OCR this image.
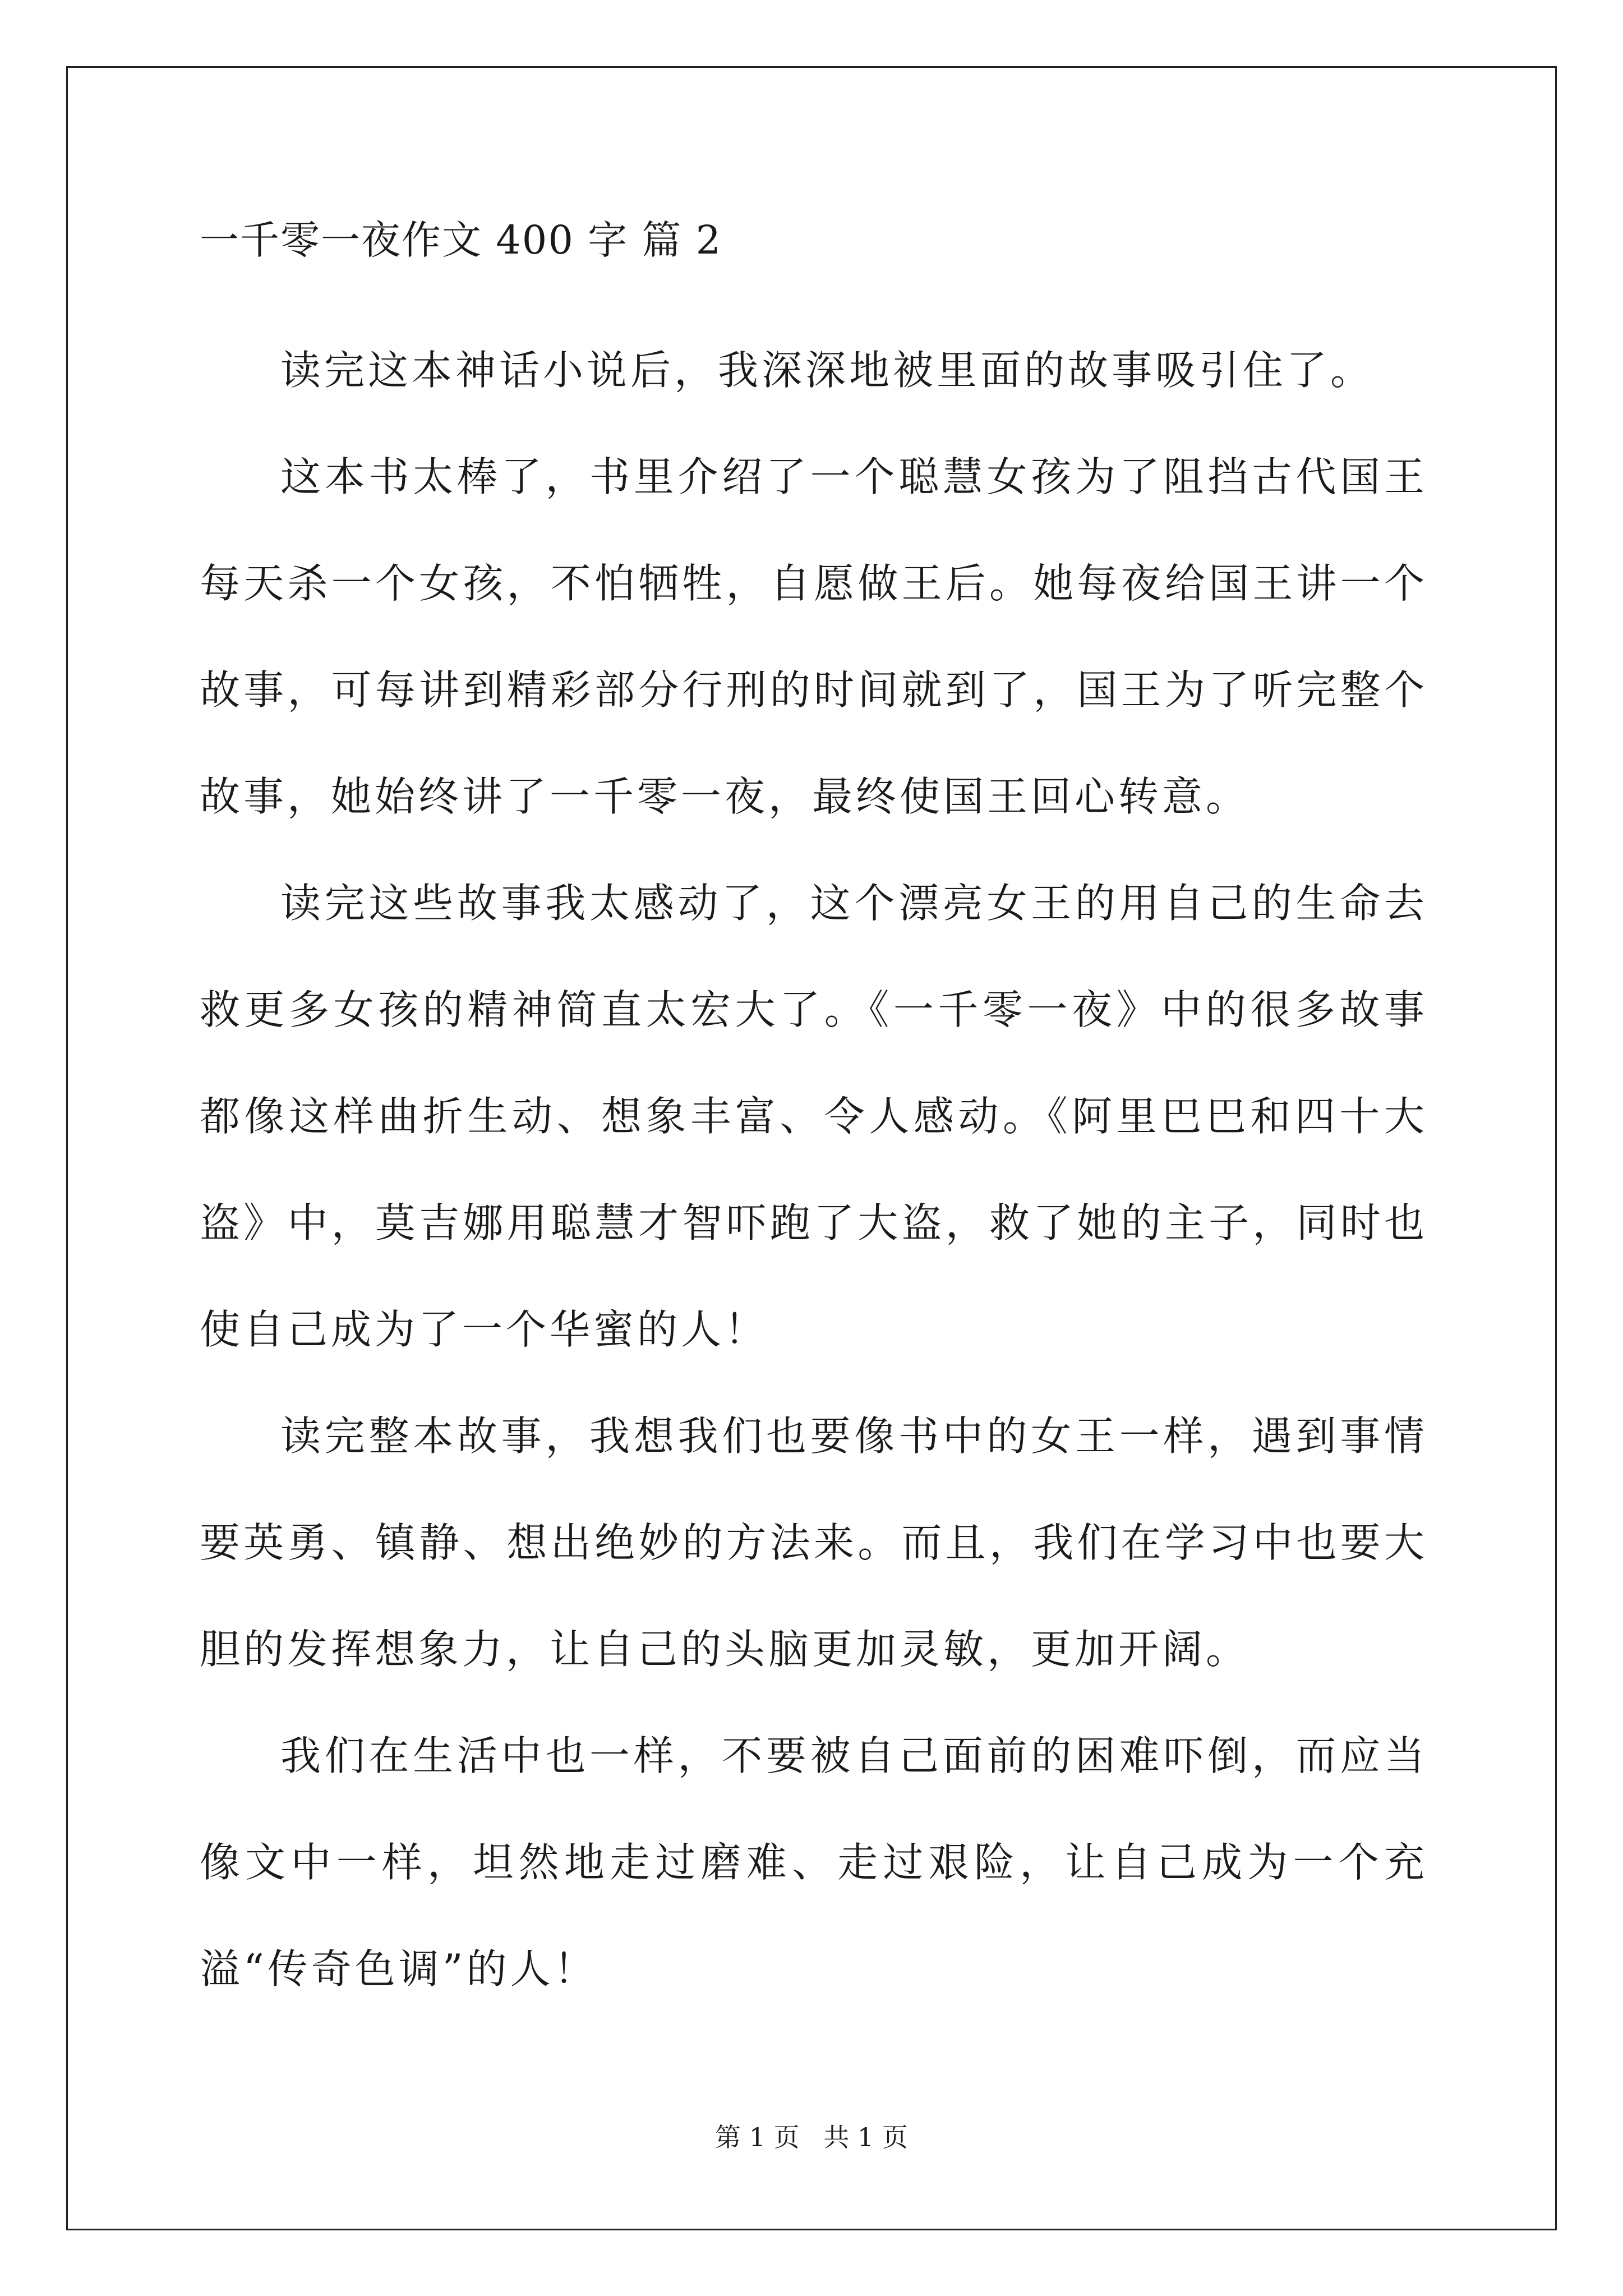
一千零一夜作文 400 字 篇 2

读完这本神话小说后，我深深地被里面的故事吸引住了。

这本书太棒了，书里介绍了一个聪慧女孩为了阻挡古代国王每天杀一个女孩，不怕牺牲，自愿做王后。她每夜给国王讲一个故事，可每讲到精彩部分行刑的时间就到了，国王为了听完整个故事，她始终讲了一千零一夜，最终使国王回心转意。

读完这些故事我太感动了，这个漂亮女王的用自己的生命去救更多女孩的精神简直太宏大了。《一千零一夜》中的很多故事都像这样曲折生动、想象丰富、令人感动。《阿里巴巴和四十大盗》中，莫吉娜用聪慧才智吓跑了大盗，救了她的主子，同时也使自己成为了一个华蜜的人！

读完整本故事，我想我们也要像书中的女王一样，遇到事情要英勇、镇静、想出绝妙的方法来。而且，我们在学习中也要大胆的发挥想象力，让自己的头脑更加灵敏，更加开阔。

我们在生活中也一样，不要被自己面前的困难吓倒，而应当像文中一样，坦然地走过磨难、走过艰险，让自己成为一个充溢“传奇色调”的人！

第 1 页 共 1 页
